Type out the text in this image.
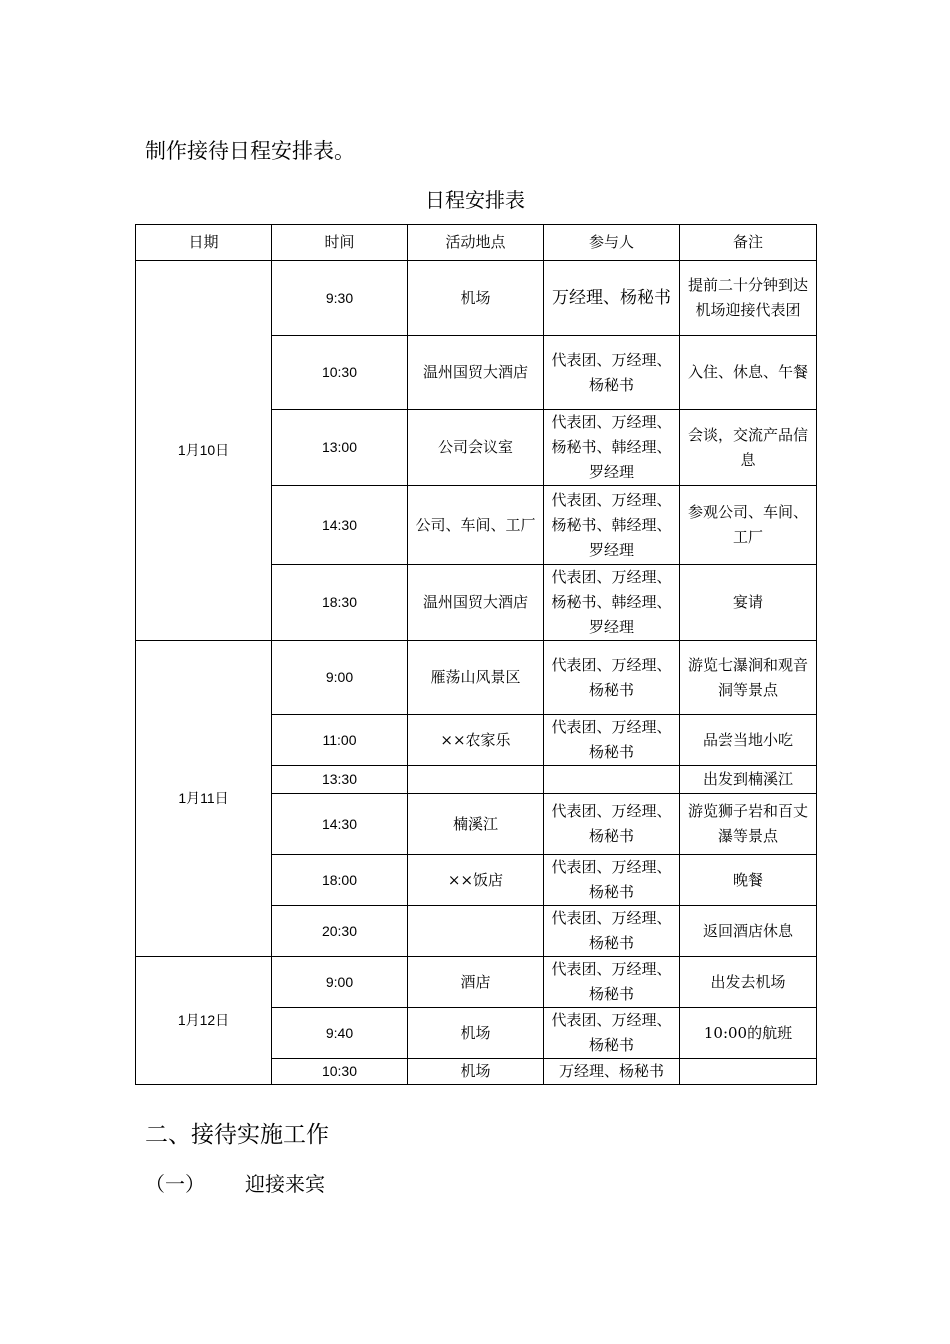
制作接待日程安排表。
日程安排表
日期	时间	活动地点	参与人	备注
1月10日	9:30	机场	万经理、杨秘书	提前二十分钟到达机场迎接代表团
	10:30	温州国贸大酒店	代表团、万经理、杨秘书	入住、休息、午餐
	13:00	公司会议室	代表团、万经理、杨秘书、韩经理、罗经理	会谈，交流产品信息
	14:30	公司、车间、工厂	代表团、万经理、杨秘书、韩经理、罗经理	参观公司、车间、工厂
	18:30	温州国贸大酒店	代表团、万经理、杨秘书、韩经理、罗经理	宴请
1月11日	9:00	雁荡山风景区	代表团、万经理、杨秘书	游览七瀑涧和观音洞等景点
	11:00	××农家乐	代表团、万经理、杨秘书	品尝当地小吃
	13:30			出发到楠溪江
	14:30	楠溪江	代表团、万经理、杨秘书	游览狮子岩和百丈瀑等景点
	18:00	××饭店	代表团、万经理、杨秘书	晚餐
	20:30		代表团、万经理、杨秘书	返回酒店休息
1月12日	9:00	酒店	代表团、万经理、杨秘书	出发去机场
	9:40	机场	代表团、万经理、杨秘书	10:00的航班
	10:30	机场	万经理、杨秘书	
二、接待实施工作
（一） 迎接来宾
